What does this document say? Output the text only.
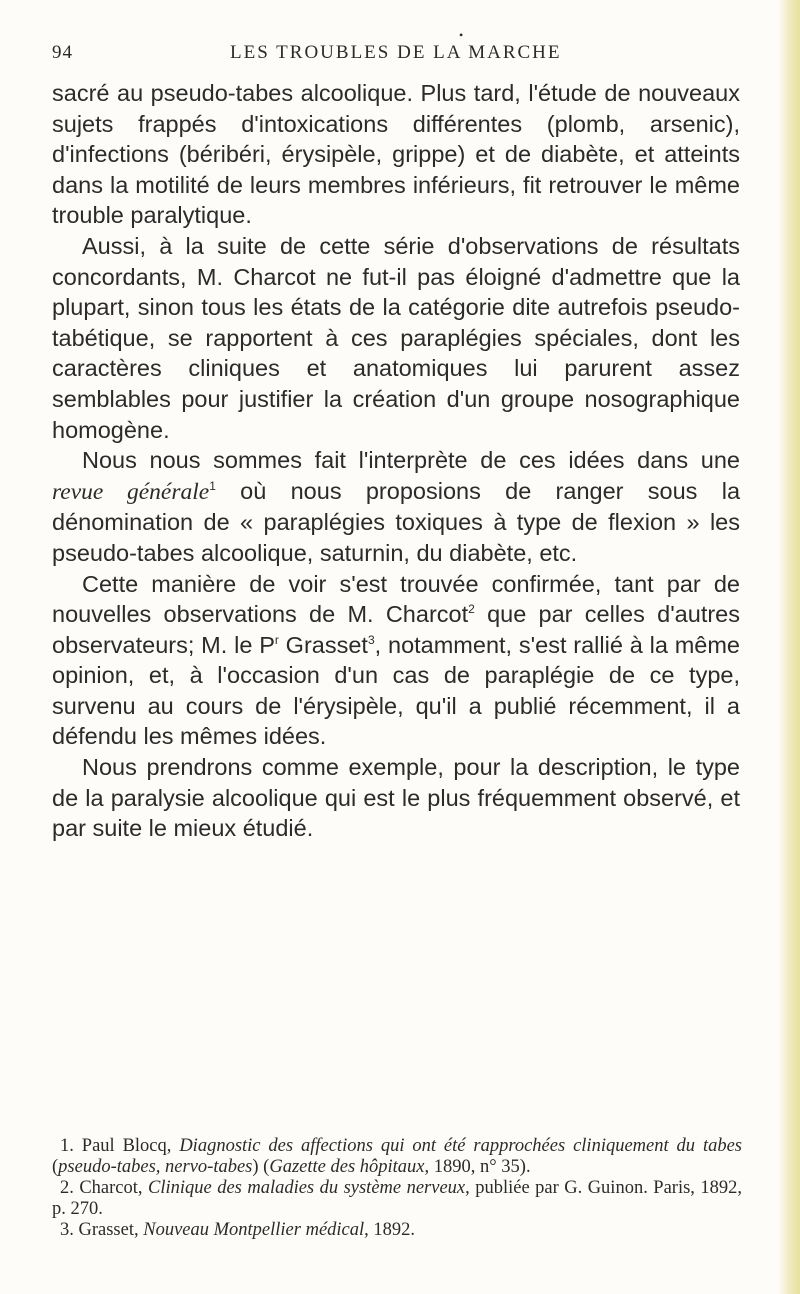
94
•
LES TROUBLES DE LA MARCHE

sacré au pseudo-tabes alcoolique. Plus tard, l'étude de nouveaux sujets frappés d'intoxications différentes (plomb, arsenic), d'infections (béribéri, érysipèle, grippe) et de diabète, et atteints dans la motilité de leurs membres inférieurs, fit retrouver le même trouble paralytique.

Aussi, à la suite de cette série d'observations de résultats concordants, M. Charcot ne fut-il pas éloigné d'admettre que la plupart, sinon tous les états de la catégorie dite autrefois pseudo-tabétique, se rapportent à ces paraplégies spéciales, dont les caractères cliniques et anatomiques lui parurent assez semblables pour justifier la création d'un groupe nosographique homogène.

Nous nous sommes fait l'interprète de ces idées dans une revue générale$^1$ où nous proposions de ranger sous la dénomination de « paraplégies toxiques à type de flexion » les pseudo-tabes alcoolique, saturnin, du diabète, etc.

Cette manière de voir s'est trouvée confirmée, tant par de nouvelles observations de M. Charcot$^2$ que par celles d'autres observateurs; M. le $P^r$ Grasset$^3$, notamment, s'est rallié à la même opinion, et, à l'occasion d'un cas de paraplégie de ce type, survenu au cours de l'érysipèle, qu'il a publié récemment, il a défendu les mêmes idées.

Nous prendrons comme exemple, pour la description, le type de la paralysie alcoolique qui est le plus fréquemment observé, et par suite le mieux étudié.

1. Paul Blocq, Diagnostic des affections qui ont été rapprochées cliniquement du tabes (pseudo-tabes, nervo-tabes) (Gazette des hôpitaux, 1890, n° 35).

2. Charcot, Clinique des maladies du système nerveux, publiée par G. Guinon. Paris, 1892, p. 270.

3. Grasset, Nouveau Montpellier médical, 1892.
